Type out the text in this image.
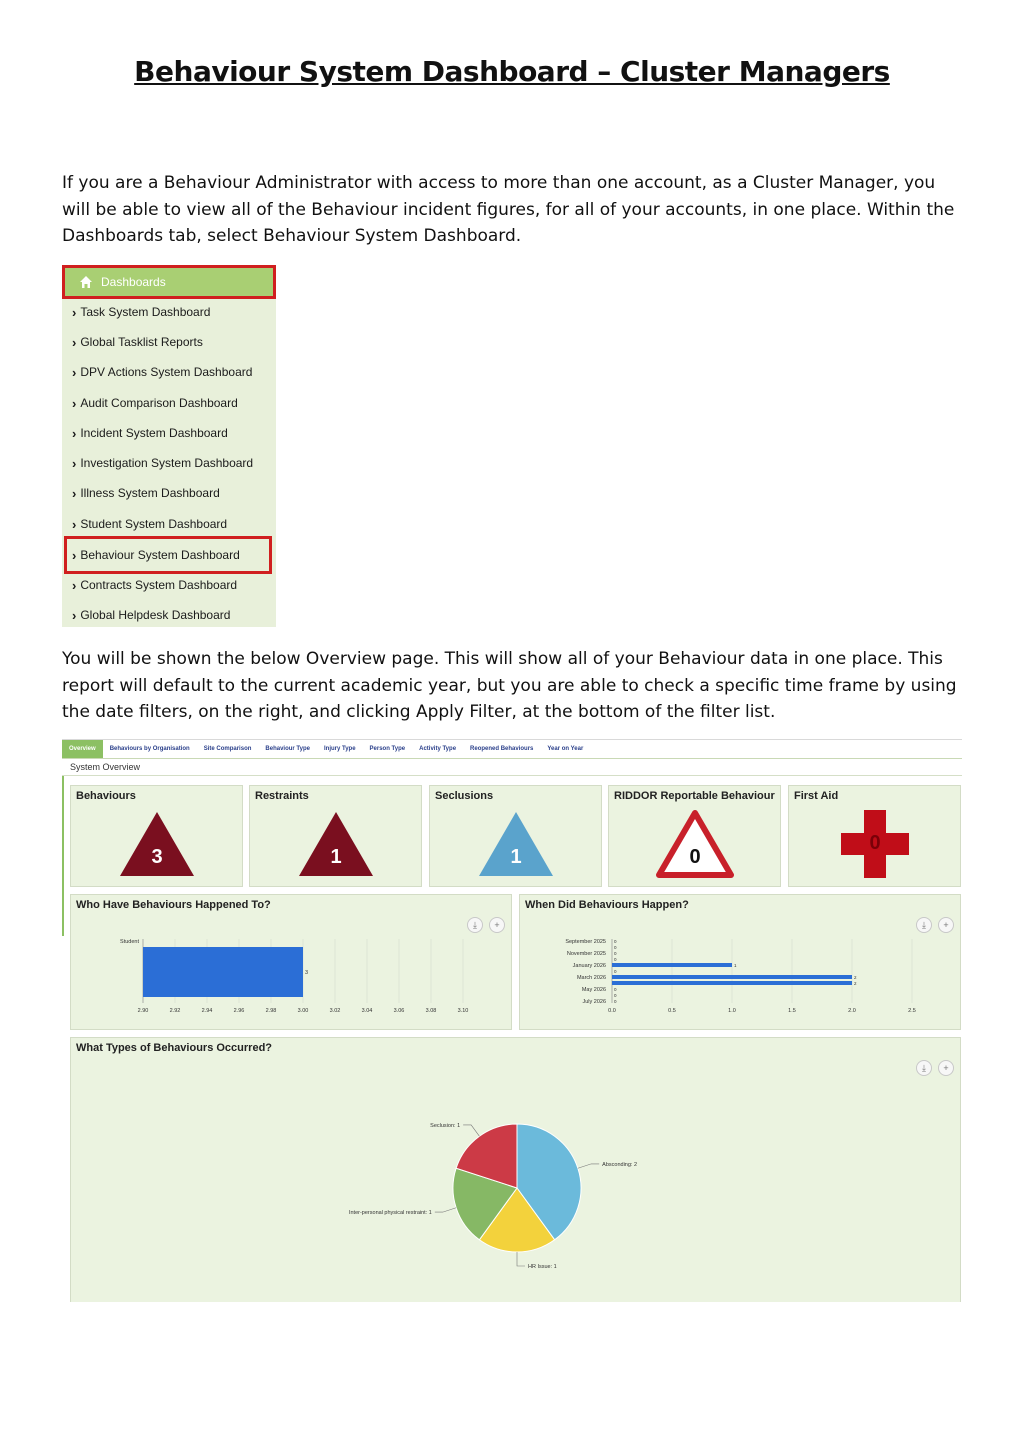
Behaviour System Dashboard – Cluster Managers
If you are a Behaviour Administrator with access to more than one account, as a Cluster Manager, you will be able to view all of the Behaviour incident figures, for all of your accounts, in one place. Within the Dashboards tab, select Behaviour System Dashboard.
Dashboards
› Task System Dashboard
› Global Tasklist Reports
› DPV Actions System Dashboard
› Audit Comparison Dashboard
› Incident System Dashboard
› Investigation System Dashboard
› Illness System Dashboard
› Student System Dashboard
› Behaviour System Dashboard
› Contracts System Dashboard
› Global Helpdesk Dashboard
You will be shown the below Overview page. This will show all of your Behaviour data in one place. This report will default to the current academic year, but you are able to check a specific time frame by using the date filters, on the right, and clicking Apply Filter, at the bottom of the filter list.
Overview	Behaviours by Organisation	Site Comparison	Behaviour Type	Injury Type	Person Type	Activity Type	Reopened Behaviours	Year on Year
System Overview
Behaviours
3
Restraints
1
Seclusions
1
RIDDOR Reportable Behaviour
0
First Aid
0
Who Have Behaviours Happened To?
⤓	+
2.90	2.92	2.94	2.96	2.98	3.00	3.02	3.04	3.06	3.08	3.10
3
Student
When Did Behaviours Happen?
⤓	+
0.0	0.5	1.0	1.5	2.0	2.5
0
September 2025
0
0
November 2025
0
1
January 2026
0
2
March 2026
2
0
May 2026
0
0
July 2026
What Types of Behaviours Occurred?
⤓	+
Absconding: 2
HR Issue: 1
Inter-personal physical restraint: 1
Seclusion: 1
